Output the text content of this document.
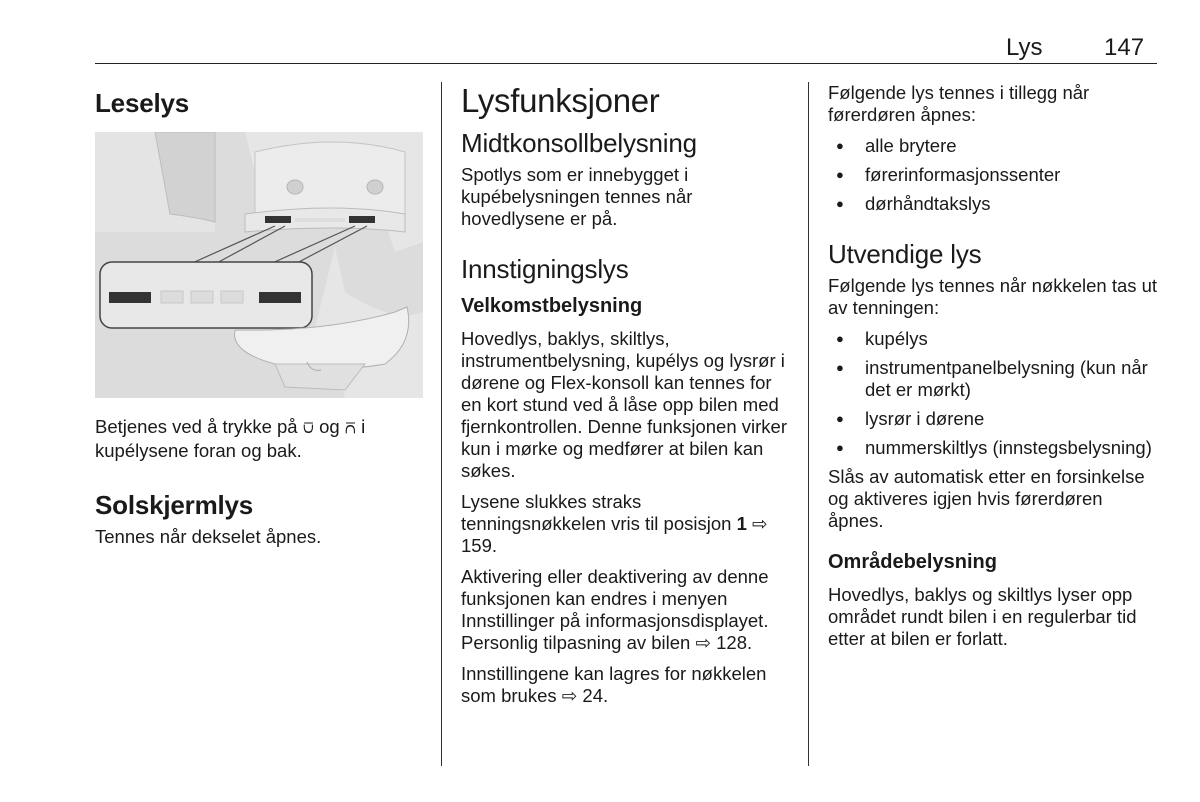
Lys	147
Leselys

Betjenes ved å trykke på ⩂ og ⩃ i kupélysene foran og bak.

Solskjermlys

Tennes når dekselet åpnes.

Lysfunksjoner
Midtkonsollbelysning

Spotlys som er innebygget i kupébelysningen tennes når hovedlysene er på.

Innstigningslys
Velkomstbelysning

Hovedlys, baklys, skiltlys, instrumentbelysning, kupélys og lysrør i dørene og Flex-konsoll kan tennes for en kort stund ved å låse opp bilen med fjernkontrollen. Denne funksjonen virker kun i mørke og medfører at bilen kan søkes.

Lysene slukkes straks tenningsnøkkelen vris til posisjon 1 ⇨ 159.

Aktivering eller deaktivering av denne funksjonen kan endres i menyen Innstillinger på informasjonsdisplayet. Personlig tilpasning av bilen ⇨ 128.

Innstillingene kan lagres for nøkkelen som brukes ⇨ 24.

Følgende lys tennes i tillegg når førerdøren åpnes:

● alle brytere
● førerinformasjonssenter
● dørhåndtakslys
Utvendige lys

Følgende lys tennes når nøkkelen tas ut av tenningen:

● kupélys
● instrumentpanelbelysning (kun når det er mørkt)
● lysrør i dørene
● nummerskiltlys (innstegsbelysning)

Slås av automatisk etter en forsinkelse og aktiveres igjen hvis førerdøren åpnes.

Områdebelysning

Hovedlys, baklys og skiltlys lyser opp området rundt bilen i en regulerbar tid etter at bilen er forlatt.
